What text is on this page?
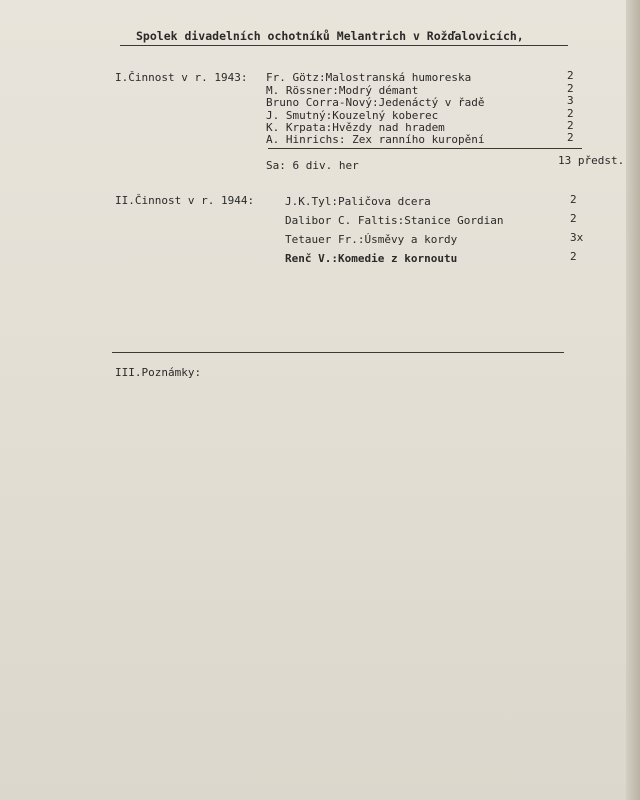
Spolek divadelních ochotníků Melantrich v Rožďalovicích,
I.Činnost v r. 1943: Fr. Götz:Malostranská humoreska	2
M. Rössner:Modrý démant	2
Bruno Corra-Nový:Jedenáctý v řadě	3
J. Smutný:Kouzelný koberec	2
K. Krpata:Hvězdy nad hradem	2
A. Hinrichs: Zex ranního kuropění	2
Sa: 6 div. her	13 předst.
II.Činnost v r. 1944:	J.K.Tyl:Paličova dcera	2
Dalibor C. Faltis:Stanice Gordian	2
Tetauer Fr.:Úsměvy a kordy	3x
Renč V.:Komedie z kornoutu	2
III.Poznámky:
